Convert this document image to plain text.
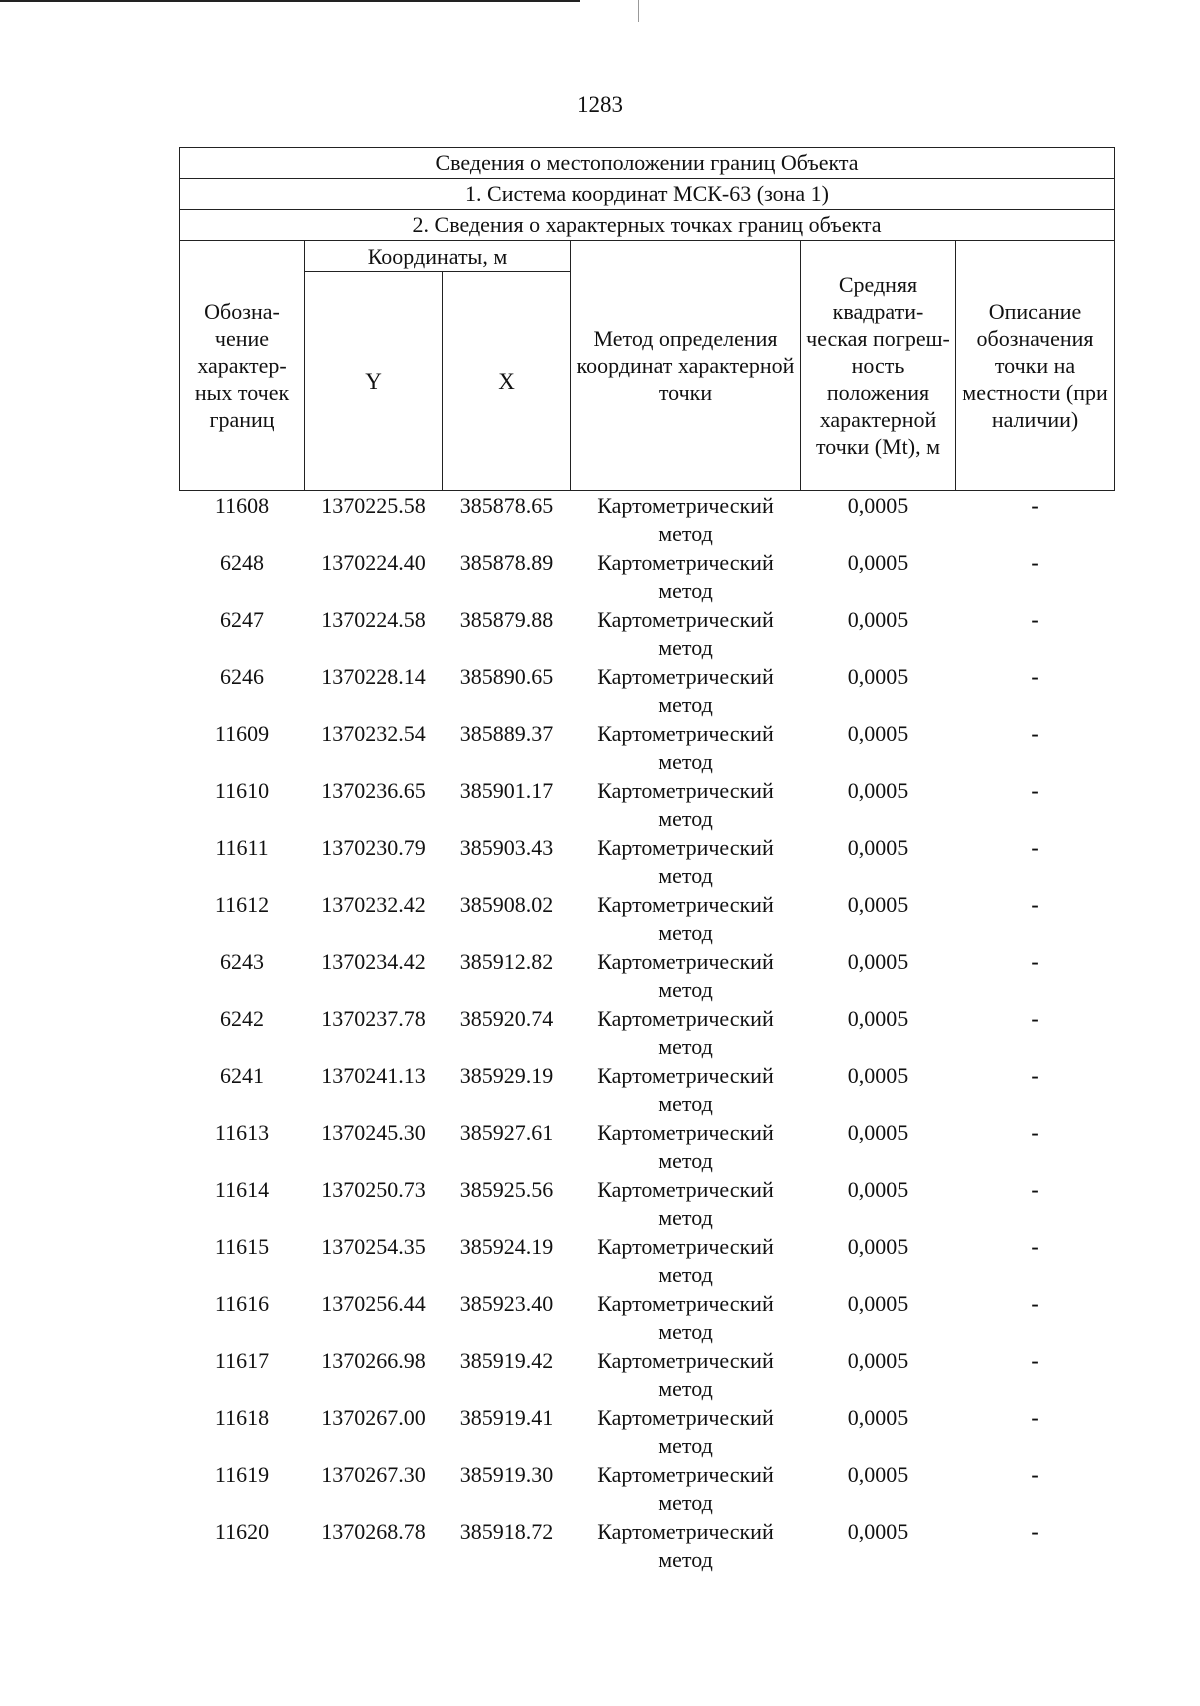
1283
Сведения о местоположении границ Объекта					
1. Система координат МСК-63 (зона 1)					
2. Сведения о характерных точках границ объекта					
Обозна- чение характер- ных точек границ	Координаты, м		Метод определения координат характерной точки	Средняя квадрати- ческая погреш- ность положения характерной точки (Mt), м	Описание обозначения точки на местности (при наличии)
	Y	X			
11608	1370225.58	385878.65	Картометрический метод	0,0005	-
6248	1370224.40	385878.89	Картометрический метод	0,0005	-
6247	1370224.58	385879.88	Картометрический метод	0,0005	-
6246	1370228.14	385890.65	Картометрический метод	0,0005	-
11609	1370232.54	385889.37	Картометрический метод	0,0005	-
11610	1370236.65	385901.17	Картометрический метод	0,0005	-
11611	1370230.79	385903.43	Картометрический метод	0,0005	-
11612	1370232.42	385908.02	Картометрический метод	0,0005	-
6243	1370234.42	385912.82	Картометрический метод	0,0005	-
6242	1370237.78	385920.74	Картометрический метод	0,0005	-
6241	1370241.13	385929.19	Картометрический метод	0,0005	-
11613	1370245.30	385927.61	Картометрический метод	0,0005	-
11614	1370250.73	385925.56	Картометрический метод	0,0005	-
11615	1370254.35	385924.19	Картометрический метод	0,0005	-
11616	1370256.44	385923.40	Картометрический метод	0,0005	-
11617	1370266.98	385919.42	Картометрический метод	0,0005	-
11618	1370267.00	385919.41	Картометрический метод	0,0005	-
11619	1370267.30	385919.30	Картометрический метод	0,0005	-
11620	1370268.78	385918.72	Картометрический метод	0,0005	-
